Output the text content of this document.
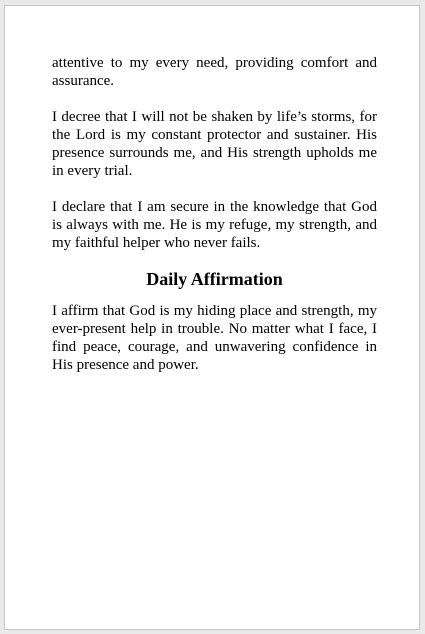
attentive to my every need, providing comfort and assurance.

I decree that I will not be shaken by life’s storms, for the Lord is my constant protector and sustainer. His presence surrounds me, and His strength upholds me in every trial.

I declare that I am secure in the knowledge that God is always with me. He is my refuge, my strength, and my faithful helper who never fails.

Daily Affirmation

I affirm that God is my hiding place and strength, my ever-present help in trouble. No matter what I face, I find peace, courage, and unwavering confidence in His presence and power.
